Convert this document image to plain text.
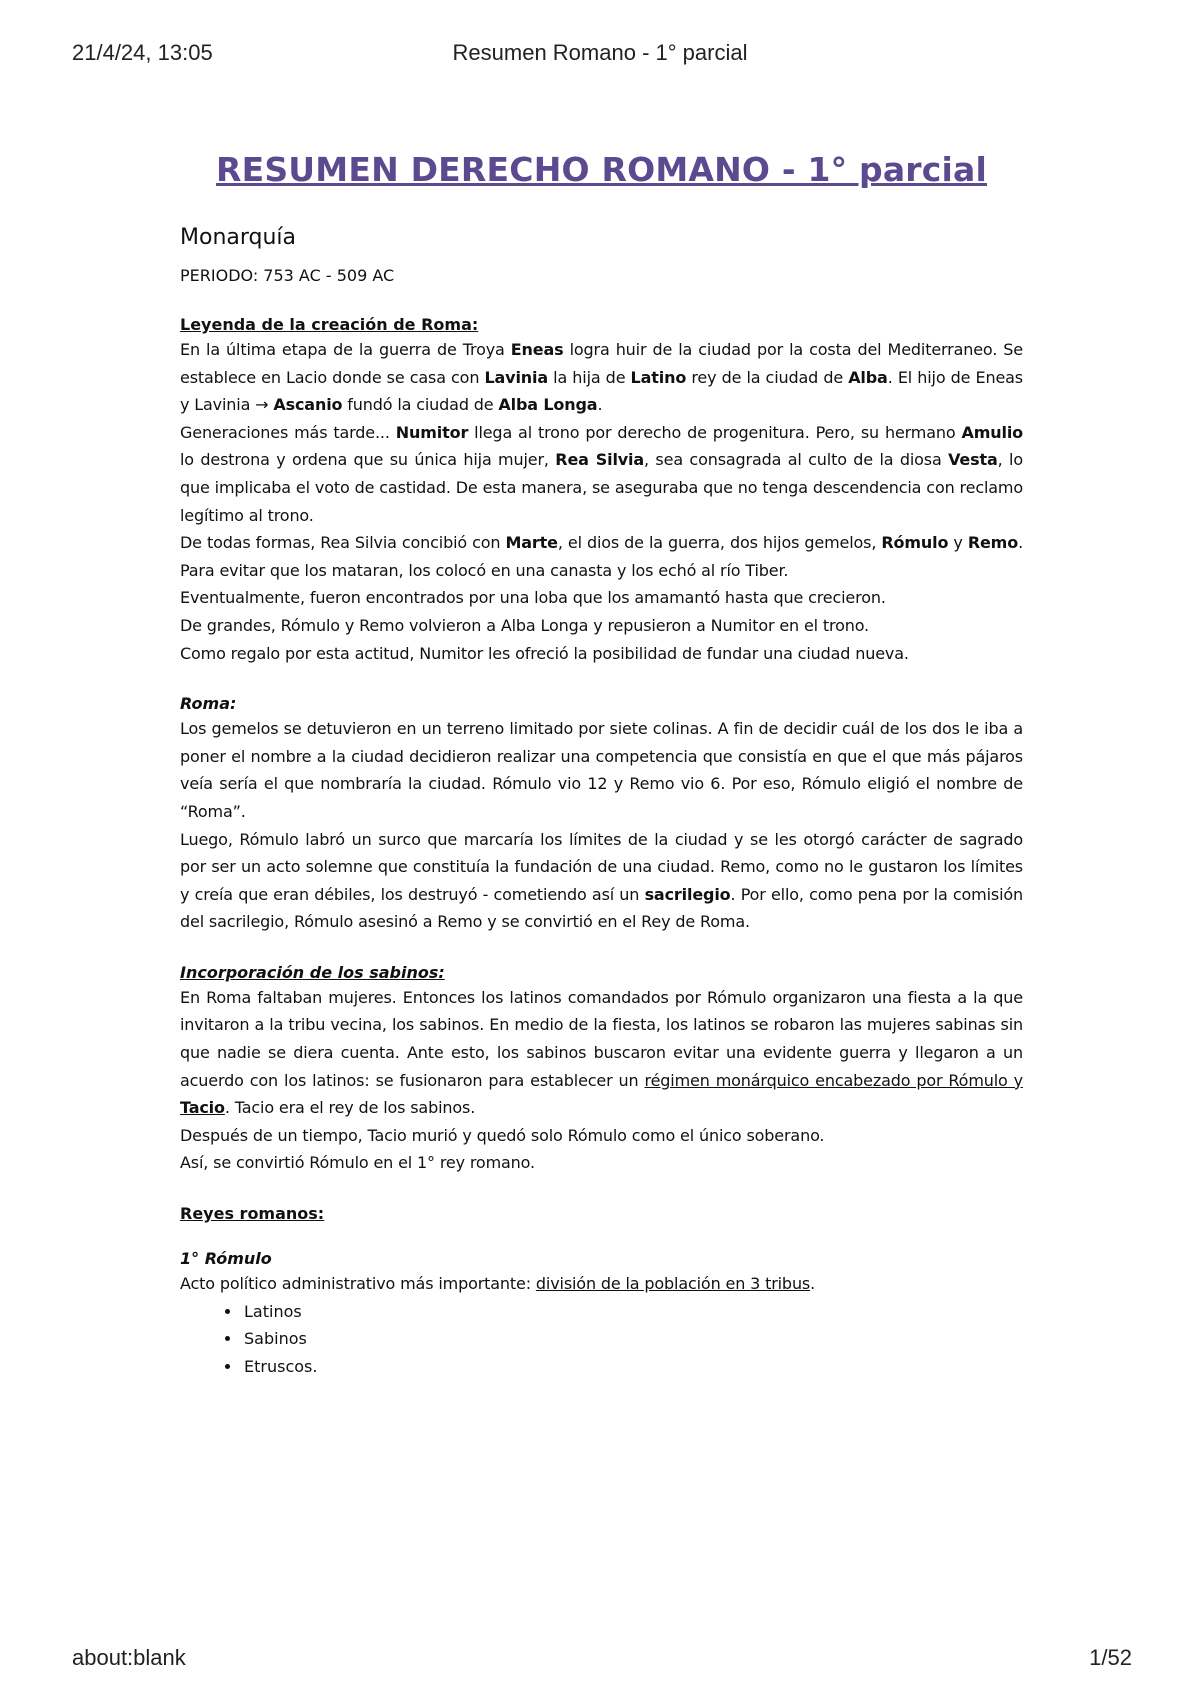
21/4/24, 13:05	Resumen Romano - 1° parcial
RESUMEN DERECHO ROMANO - 1° parcial
Monarquía
PERIODO: 753 AC - 509 AC
Leyenda de la creación de Roma:

En la última etapa de la guerra de Troya Eneas logra huir de la ciudad por la costa del Mediterraneo. Se establece en Lacio donde se casa con Lavinia la hija de Latino rey de la ciudad de Alba. El hijo de Eneas y Lavinia → Ascanio fundó la ciudad de Alba Longa.

Generaciones más tarde... Numitor llega al trono por derecho de progenitura. Pero, su hermano Amulio lo destrona y ordena que su única hija mujer, Rea Silvia, sea consagrada al culto de la diosa Vesta, lo que implicaba el voto de castidad. De esta manera, se aseguraba que no tenga descendencia con reclamo legítimo al trono.

De todas formas, Rea Silvia concibió con Marte, el dios de la guerra, dos hijos gemelos, Rómulo y Remo. Para evitar que los mataran, los colocó en una canasta y los echó al río Tiber.

Eventualmente, fueron encontrados por una loba que los amamantó hasta que crecieron.

De grandes, Rómulo y Remo volvieron a Alba Longa y repusieron a Numitor en el trono.

Como regalo por esta actitud, Numitor les ofreció la posibilidad de fundar una ciudad nueva.

Roma:

Los gemelos se detuvieron en un terreno limitado por siete colinas. A fin de decidir cuál de los dos le iba a poner el nombre a la ciudad decidieron realizar una competencia que consistía en que el que más pájaros veía sería el que nombraría la ciudad. Rómulo vio 12 y Remo vio 6. Por eso, Rómulo eligió el nombre de “Roma”.

Luego, Rómulo labró un surco que marcaría los límites de la ciudad y se les otorgó carácter de sagrado por ser un acto solemne que constituía la fundación de una ciudad. Remo, como no le gustaron los límites y creía que eran débiles, los destruyó - cometiendo así un sacrilegio. Por ello, como pena por la comisión del sacrilegio, Rómulo asesinó a Remo y se convirtió en el Rey de Roma.

Incorporación de los sabinos:

En Roma faltaban mujeres. Entonces los latinos comandados por Rómulo organizaron una fiesta a la que invitaron a la tribu vecina, los sabinos. En medio de la fiesta, los latinos se robaron las mujeres sabinas sin que nadie se diera cuenta. Ante esto, los sabinos buscaron evitar una evidente guerra y llegaron a un acuerdo con los latinos: se fusionaron para establecer un régimen monárquico encabezado por Rómulo y Tacio. Tacio era el rey de los sabinos.

Después de un tiempo, Tacio murió y quedó solo Rómulo como el único soberano.

Así, se convirtió Rómulo en el 1° rey romano.

Reyes romanos:
1° Rómulo

Acto político administrativo más importante: división de la población en 3 tribus.

• Latinos
• Sabinos
• Etruscos.
about:blank	1/52
